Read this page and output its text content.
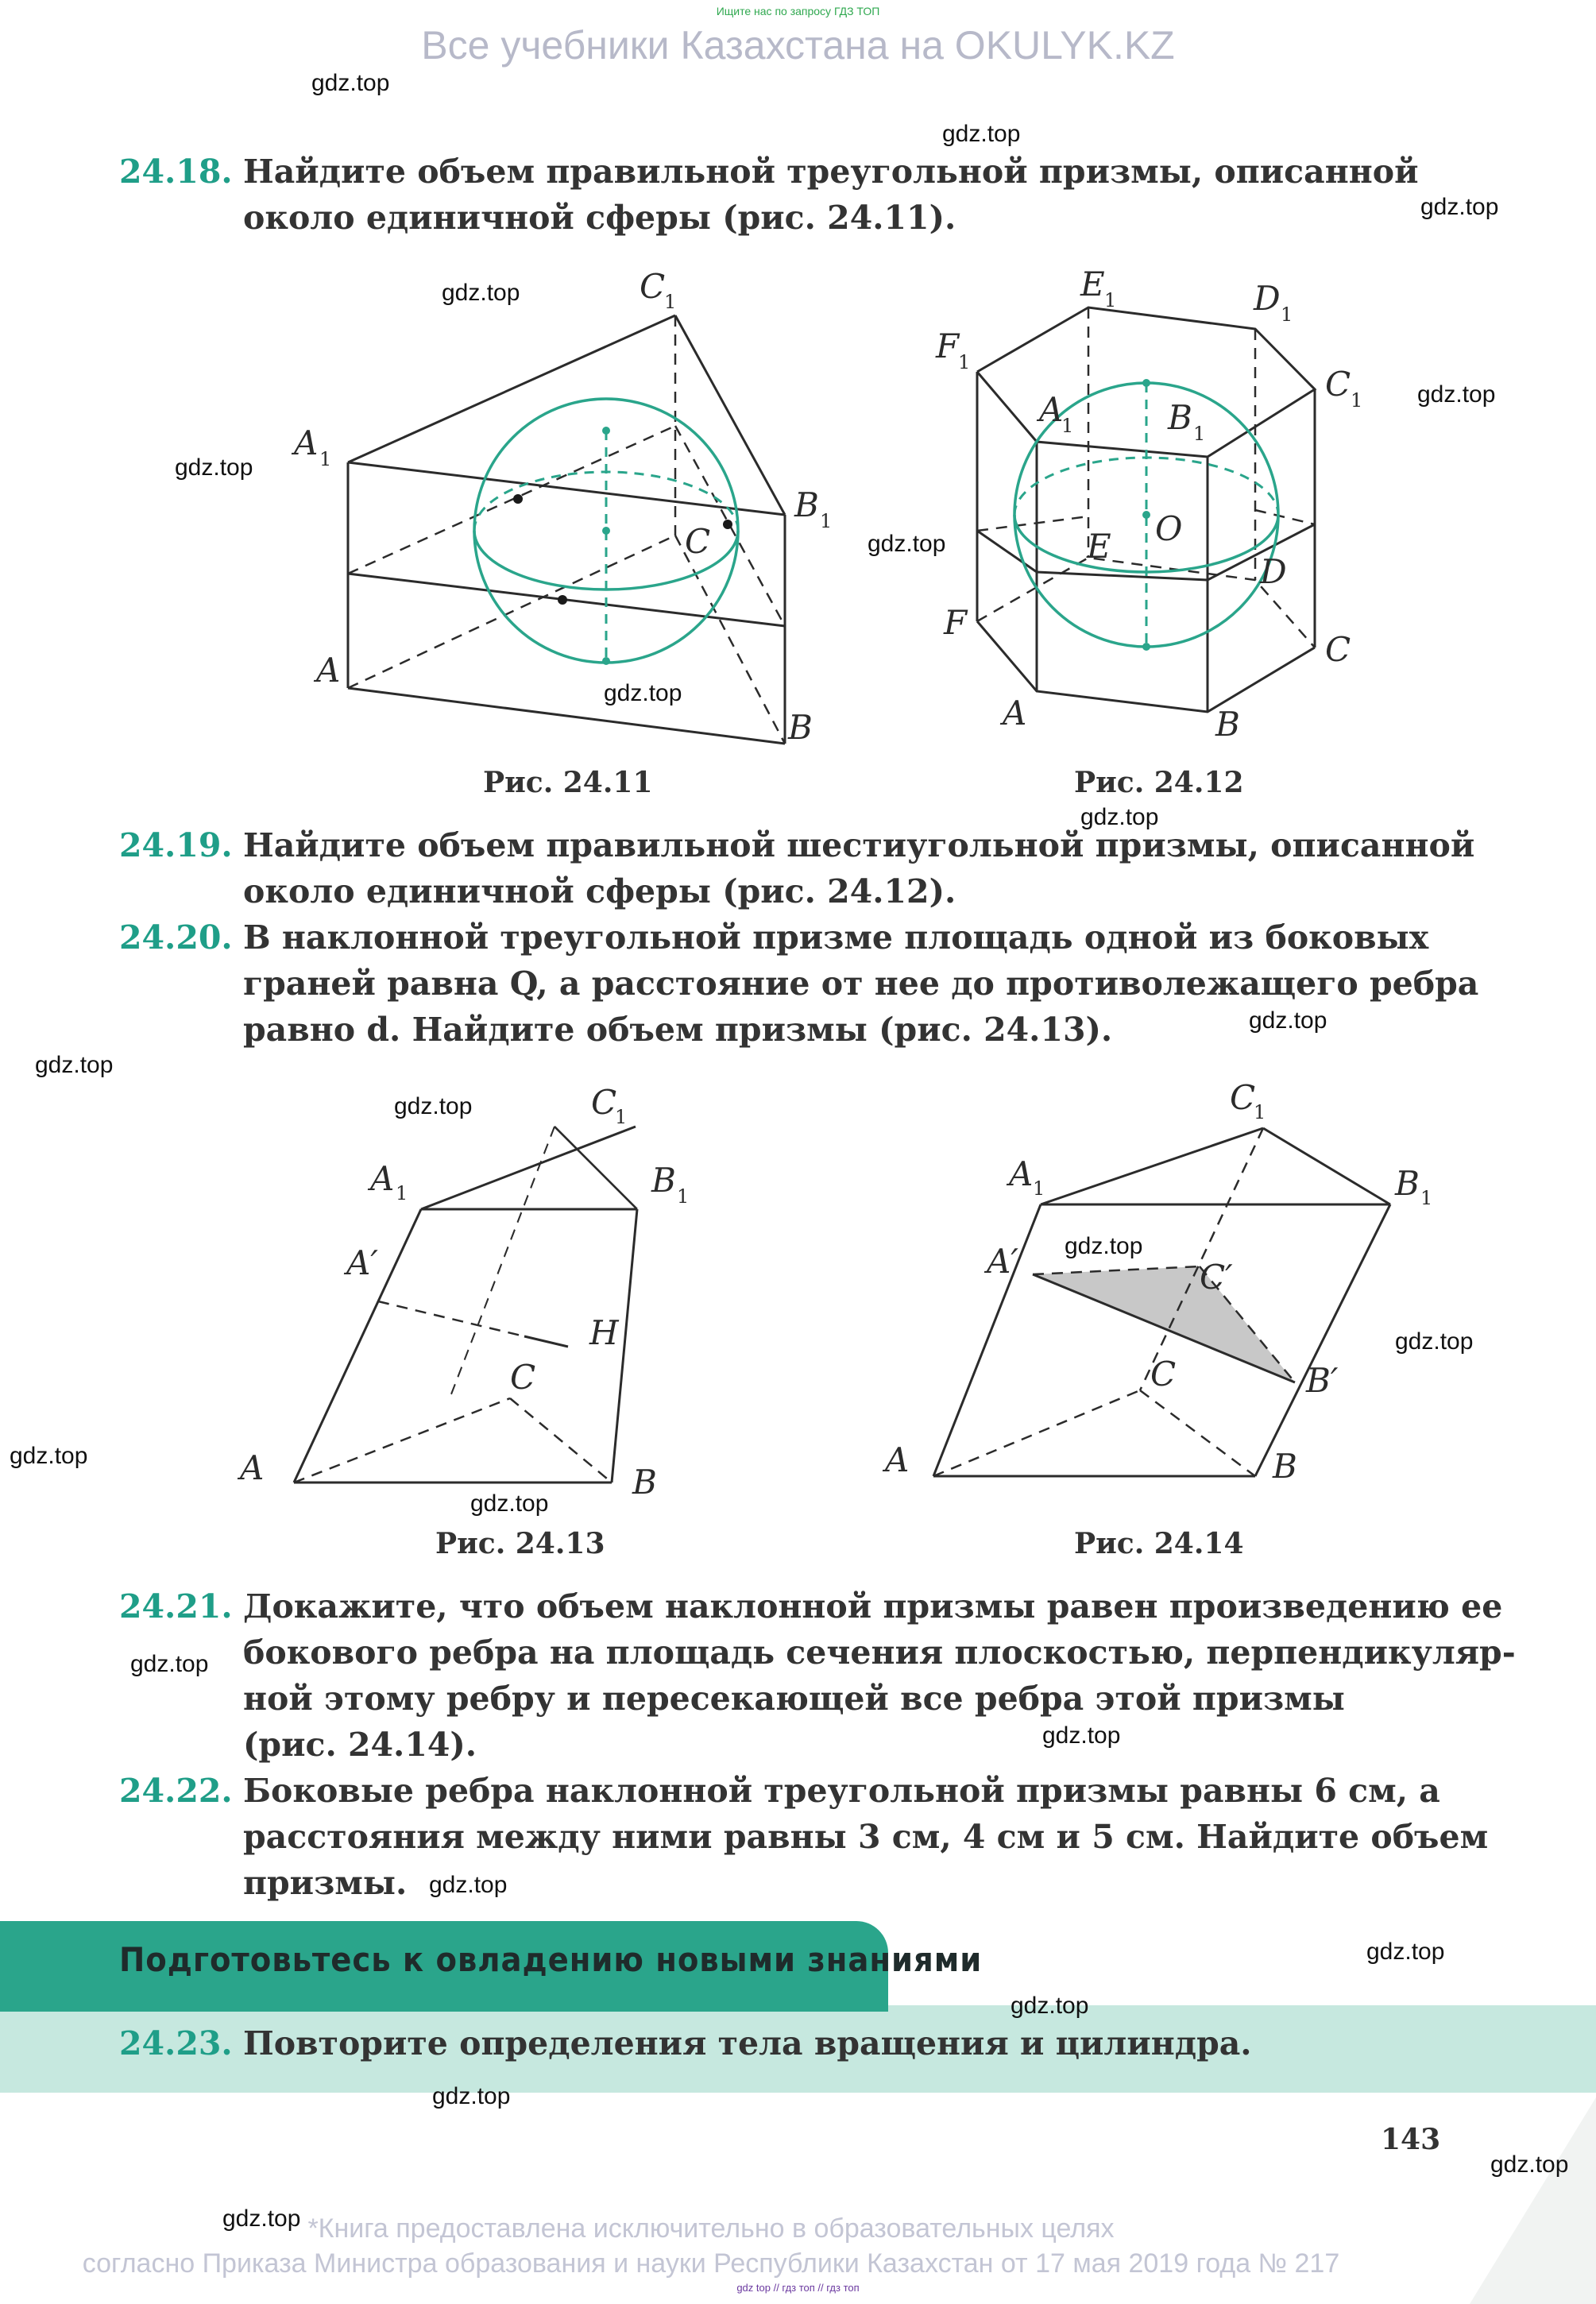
Ищите нас по запросу ГДЗ ТОП
Все учебники Казахстана на OKULYK.KZ
24.18. Найдите объем правильной треугольной призмы, описанной
около единичной сферы (рис. 24.11).
C
1
A 1
B 1
C
A
B
E 1	D 1
F
1
C 1
A
1	B 1
O
E
D
F
C
A	B
Рис. 24.11	Рис. 24.12
24.19. Найдите объем правильной шестиугольной призмы, описанной
около единичной сферы (рис. 24.12).
24.20. В наклонной треугольной призме площадь одной из боковых
граней равна Q, а расстояние от нее до противолежащего ребра
равно d. Найдите объем призмы (рис. 24.13).
C
1
A 1	B 1
A′
H
C
A	B
C
1
A 1	B 1
A′	C′
B′
C
A	B
Рис. 24.13	Рис. 24.14
24.21. Докажите, что объем наклонной призмы равен произведению ее
бокового ребра на площадь сечения плоскостью, перпендикуляр-
ной этому ребру и пересекающей все ребра этой призмы
(рис. 24.14).
24.22. Боковые ребра наклонной треугольной призмы равны 6 см, а
расстояния между ними равны 3 см, 4 см и 5 см. Найдите объем
призмы.
Подготовьтесь к овладению новыми знаниями
24.23. Повторите определения тела вращения и цилиндра.
143
gdz.top
gdz.top
gdz.top
gdz.top
gdz.top
gdz.top
gdz.top
gdz.top
gdz.top
gdz.top
gdz.top
gdz.top
gdz.top
gdz.top
gdz.top
gdz.top
gdz.top
gdz.top
gdz.top
gdz.top
gdz.top
gdz.top
gdz.top
gdz.top *Книга предоставлена исключительно в образовательных целях
согласно Приказа Министра образования и науки Республики Казахстан от 17 мая 2019 года № 217
gdz top // гдз топ // гдз топ
